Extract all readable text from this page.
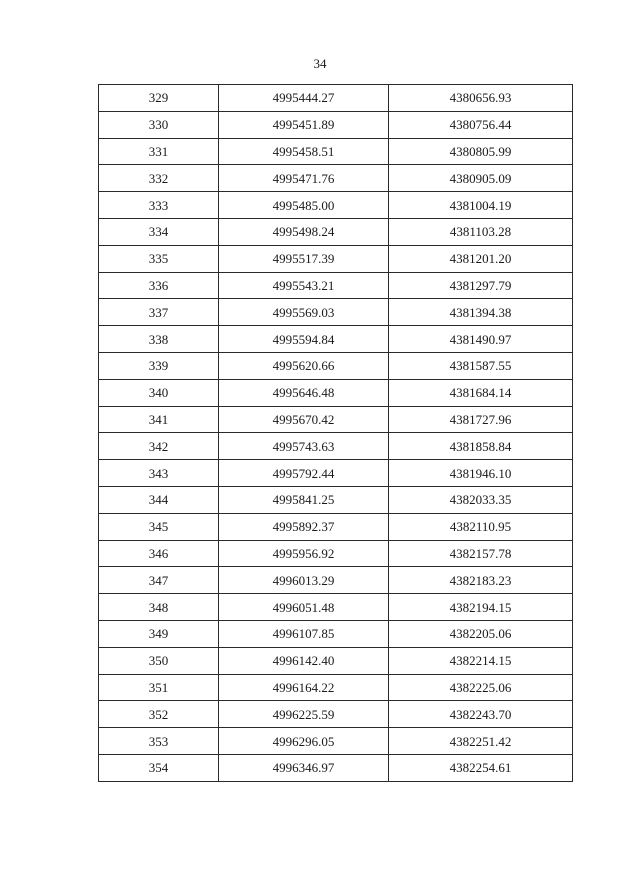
34
329	4995444.27	4380656.93
330	4995451.89	4380756.44
331	4995458.51	4380805.99
332	4995471.76	4380905.09
333	4995485.00	4381004.19
334	4995498.24	4381103.28
335	4995517.39	4381201.20
336	4995543.21	4381297.79
337	4995569.03	4381394.38
338	4995594.84	4381490.97
339	4995620.66	4381587.55
340	4995646.48	4381684.14
341	4995670.42	4381727.96
342	4995743.63	4381858.84
343	4995792.44	4381946.10
344	4995841.25	4382033.35
345	4995892.37	4382110.95
346	4995956.92	4382157.78
347	4996013.29	4382183.23
348	4996051.48	4382194.15
349	4996107.85	4382205.06
350	4996142.40	4382214.15
351	4996164.22	4382225.06
352	4996225.59	4382243.70
353	4996296.05	4382251.42
354	4996346.97	4382254.61
